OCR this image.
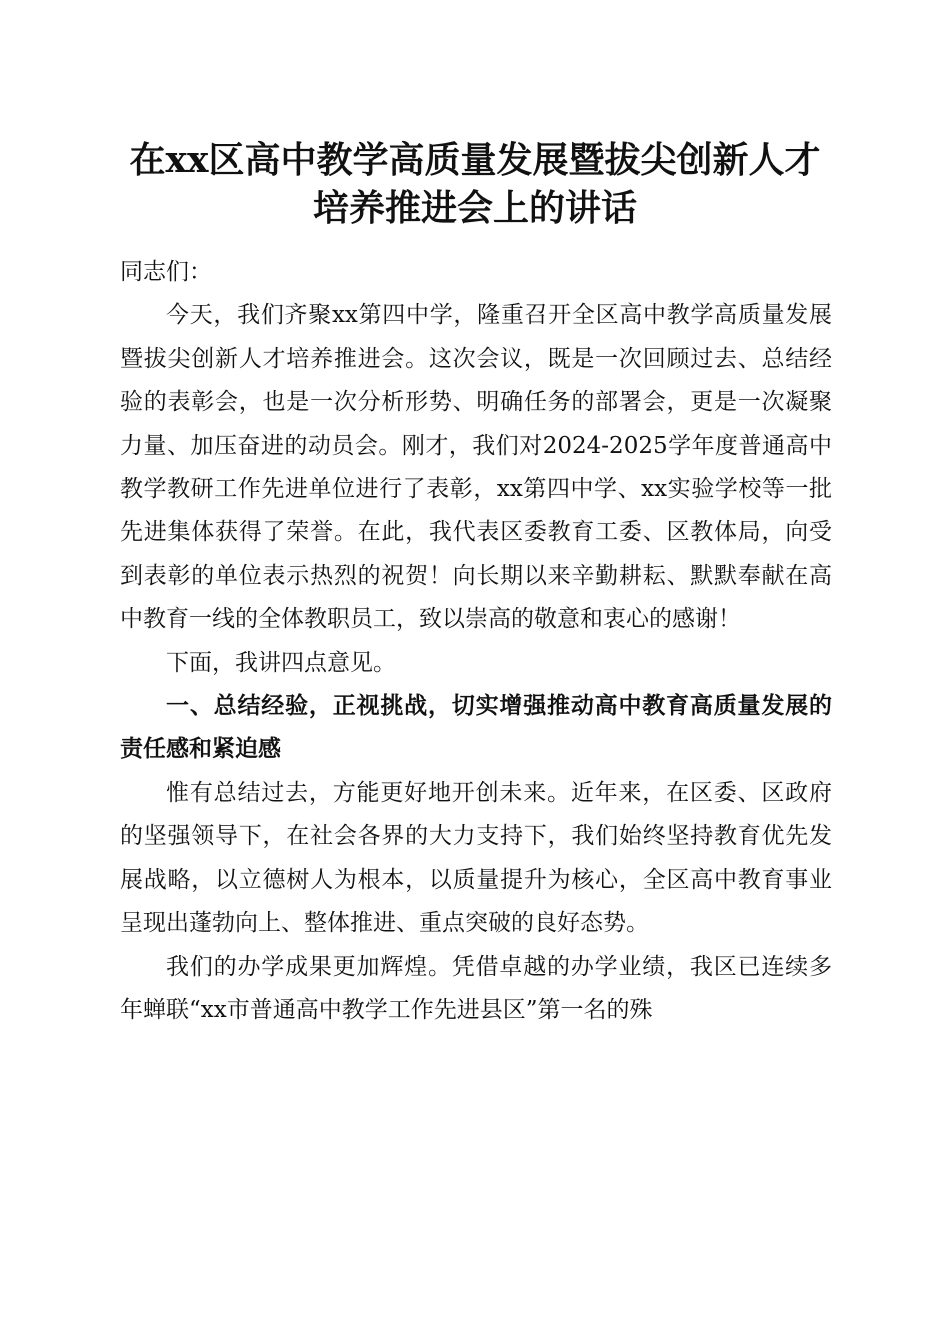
在xx区高中教学高质量发展暨拔尖创新人才
培养推进会上的讲话

同志们：

今天，我们齐聚xx第四中学，隆重召开全区高中教学高质量发展暨拔尖创新人才培养推进会。这次会议，既是一次回顾过去、总结经验的表彰会，也是一次分析形势、明确任务的部署会，更是一次凝聚力量、加压奋进的动员会。刚才，我们对2024-2025学年度普通高中教学教研工作先进单位进行了表彰，xx第四中学、xx实验学校等一批先进集体获得了荣誉。在此，我代表区委教育工委、区教体局，向受到表彰的单位表示热烈的祝贺！向长期以来辛勤耕耘、默默奉献在高中教育一线的全体教职员工，致以崇高的敬意和衷心的感谢！

下面，我讲四点意见。

一、总结经验，正视挑战，切实增强推动高中教育高质量发展的责任感和紧迫感

惟有总结过去，方能更好地开创未来。近年来，在区委、区政府的坚强领导下，在社会各界的大力支持下，我们始终坚持教育优先发展战略，以立德树人为根本，以质量提升为核心，全区高中教育事业呈现出蓬勃向上、整体推进、重点突破的良好态势。

我们的办学成果更加辉煌。凭借卓越的办学业绩，我区已连续多年蝉联“xx市普通高中教学工作先进县区”第一名的殊
